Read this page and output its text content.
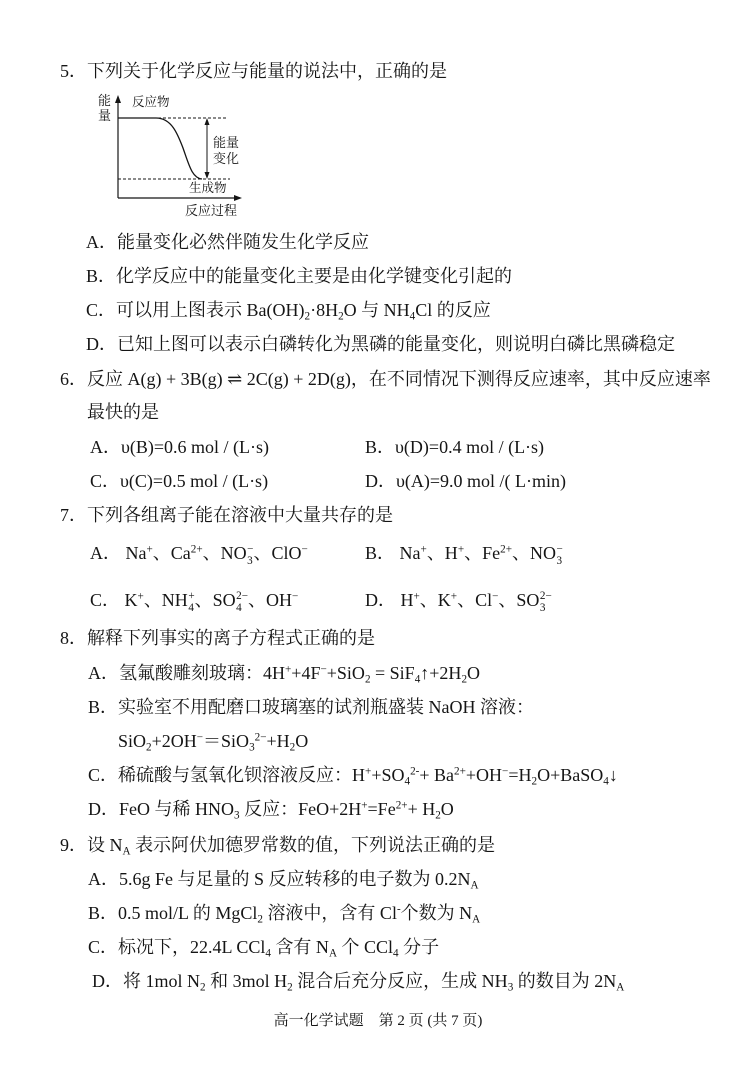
5．下列关于化学反应与能量的说法中，正确的是
能量
反应物
能量变化
生成物
反应过程
A．能量变化必然伴随发生化学反应
B．化学反应中的能量变化主要是由化学键变化引起的
C．可以用上图表示 $Ba(OH)_2\cdot 8H_2O$ 与 $NH_4Cl$ 的反应
D．已知上图可以表示白磷转化为黑磷的能量变化，则说明白磷比黑磷稳定
6．反应 A(g) + 3B(g) ⇌ 2C(g) + 2D(g)，在不同情况下测得反应速率，其中反应速率
最快的是
A．υ(B)=0.6 mol / (L·s)	B．υ(D)=0.4 mol / (L·s)
C．υ(C)=0.5 mol / (L·s)	D．υ(A)=9.0 mol /( L·min)
7．下列各组离子能在溶液中大量共存的是
A． Na+、$Ca^{2+}$、NO −
3 、ClO−	B． Na+、H+、$Fe^{2+}$、NO −
3
C． K+、NH +
4 、SO 2−
4 、OH−	D． H+、K+、Cl−、SO 2−
3
8．解释下列事实的离子方程式正确的是
A．氢氟酸雕刻玻璃：$4H^++4F^-+SiO_2 = SiF_4↑+2H_2O$
B．实验室不用配磨口玻璃塞的试剂瓶盛装 NaOH 溶液：
$SiO_2+2OH^-=SiO_3^{2-}+H_2O$
C．稀硫酸与氢氧化钡溶液反应：$H^++SO_4^{2-}+$ $Ba^{2+}+OH^-=H_2O+BaSO_4↓$
D．FeO 与稀 $HNO_3$ 反应：$FeO+2H^+=Fe^{2+}+ H_2O$
9．设 $N_A$ 表示阿伏加德罗常数的值，下列说法正确的是
A．5.6g Fe 与足量的 S 反应转移的电子数为 $0.2N_A$
B．0.5 mol/L 的 MgCl$_2$ 溶液中，含有 Cl-个数为 $N_A$
C．标况下，22.4L CCl$_4$ 含有 $N_A$ 个 CCl$_4$ 分子
D．将 1mol $N_2$ 和 3mol $H_2$ 混合后充分反应，生成 $NH_3$ 的数目为 $2N_A$
高一化学试题　第 2 页 (共 7 页)
